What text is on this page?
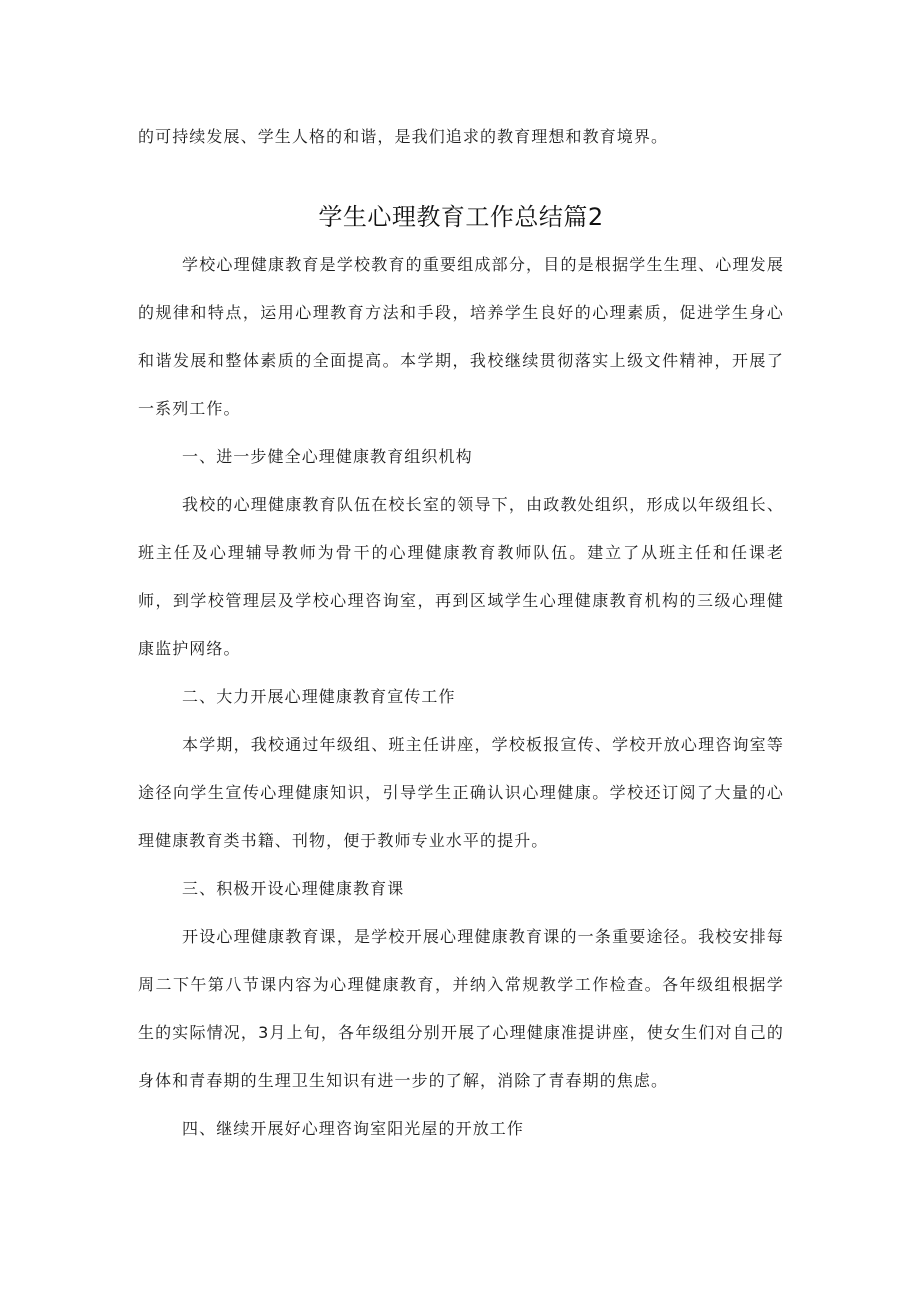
的可持续发展、学生人格的和谐，是我们追求的教育理想和教育境界。

学生心理教育工作总结篇2

学校心理健康教育是学校教育的重要组成部分，目的是根据学生生理、心理发展的规律和特点，运用心理教育方法和手段，培养学生良好的心理素质，促进学生身心和谐发展和整体素质的全面提高。本学期，我校继续贯彻落实上级文件精神，开展了一系列工作。

一、进一步健全心理健康教育组织机构

我校的心理健康教育队伍在校长室的领导下，由政教处组织，形成以年级组长、班主任及心理辅导教师为骨干的心理健康教育教师队伍。建立了从班主任和任课老师，到学校管理层及学校心理咨询室，再到区域学生心理健康教育机构的三级心理健康监护网络。

二、大力开展心理健康教育宣传工作

本学期，我校通过年级组、班主任讲座，学校板报宣传、学校开放心理咨询室等途径向学生宣传心理健康知识，引导学生正确认识心理健康。学校还订阅了大量的心理健康教育类书籍、刊物，便于教师专业水平的提升。

三、积极开设心理健康教育课

开设心理健康教育课，是学校开展心理健康教育课的一条重要途径。我校安排每周二下午第八节课内容为心理健康教育，并纳入常规教学工作检查。各年级组根据学生的实际情况，3月上旬，各年级组分别开展了心理健康准提讲座，使女生们对自己的身体和青春期的生理卫生知识有进一步的了解，消除了青春期的焦虑。

四、继续开展好心理咨询室阳光屋的开放工作
